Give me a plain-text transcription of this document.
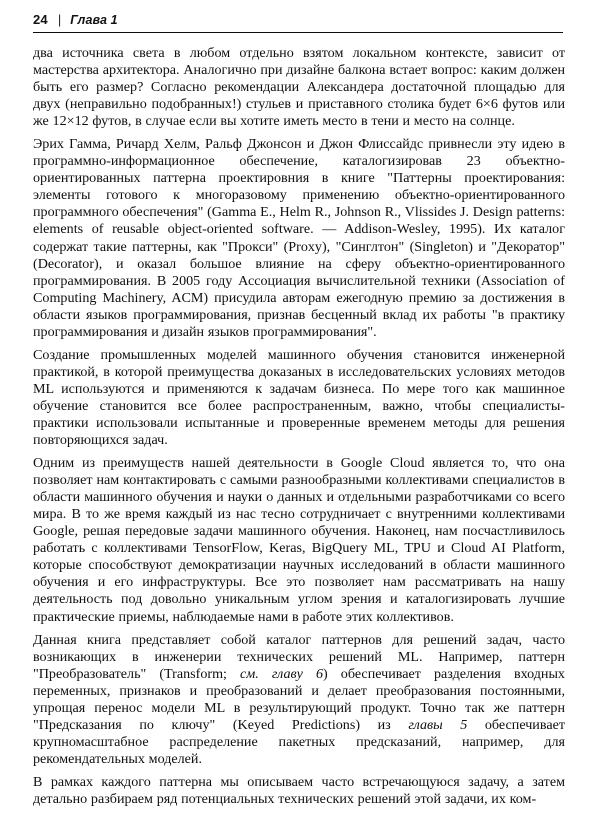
24 | Глава 1

два источника света в любом отдельно взятом локальном контексте, зависит от мастерства архитектора. Аналогично при дизайне балкона встает вопрос: каким должен быть его размер? Согласно рекомендации Александера достаточной площадью для двух (неправильно подобранных!) стульев и приставного столика будет 6×6 футов или же 12×12 футов, в случае если вы хотите иметь место в тени и место на солнце.

Эрих Гамма, Ричард Хелм, Ральф Джонсон и Джон Флиссайдс привнесли эту идею в программно-информационное обеспечение, каталогизировав 23 объектно-ориентированных паттерна проектировния в книге "Паттерны проектирования: элементы готового к многоразовому применению объектно-ориентированного программного обеспечения" (Gamma E., Helm R., Johnson R., Vlissides J. Design patterns: elements of reusable object-oriented software. — Addison-Wesley, 1995). Их каталог содержат такие паттерны, как "Прокси" (Proxy), "Синглтон" (Singleton) и "Декоратор" (Decorator), и оказал большое влияние на сферу объектно-ориентированного программирования. В 2005 году Ассоциация вычислительной техники (Association of Computing Machinery, ACM) присудила авторам ежегодную премию за достижения в области языков программирования, признав бесценный вклад их работы "в практику программирования и дизайн языков программирования".

Создание промышленных моделей машинного обучения становится инженерной практикой, в которой преимущества доказаных в исследовательских условиях методов ML используются и применяются к задачам бизнеса. По мере того как машинное обучение становится все более распространенным, важно, чтобы специалисты-практики использовали испытанные и проверенные временем методы для решения повторяющихся задач.

Одним из преимуществ нашей деятельности в Google Cloud является то, что она позволяет нам контактировать с самыми разнообразными коллективами специалистов в области машинного обучения и науки о данных и отдельными разработчиками со всего мира. В то же время каждый из нас тесно сотрудничает с внутренними коллективами Google, решая передовые задачи машинного обучения. Наконец, нам посчастливилось работать с коллективами TensorFlow, Keras, BigQuery ML, TPU и Cloud AI Platform, которые способствуют демократизации научных исследований в области машинного обучения и его инфраструктуры. Все это позволяет нам рассматривать на нашу деятельность под довольно уникальным углом зрения и каталогизировать лучшие практические приемы, наблюдаемые нами в работе этих коллективов.

Данная книга представляет собой каталог паттернов для решений задач, часто возникающих в инженерии технических решений ML. Например, паттерн "Преобразователь" (Transform; см. главу 6) обеспечивает разделения входных переменных, признаков и преобразований и делает преобразования постоянными, упрощая перенос модели ML в результирующий продукт. Точно так же паттерн "Предсказания по ключу" (Keyed Predictions) из главы 5 обеспечивает крупномасштабное распределение пакетных предсказаний, например, для рекомендательных моделей.

В рамках каждого паттерна мы описываем часто встречающуюся задачу, а затем детально разбираем ряд потенциальных технических решений этой задачи, их ком-
